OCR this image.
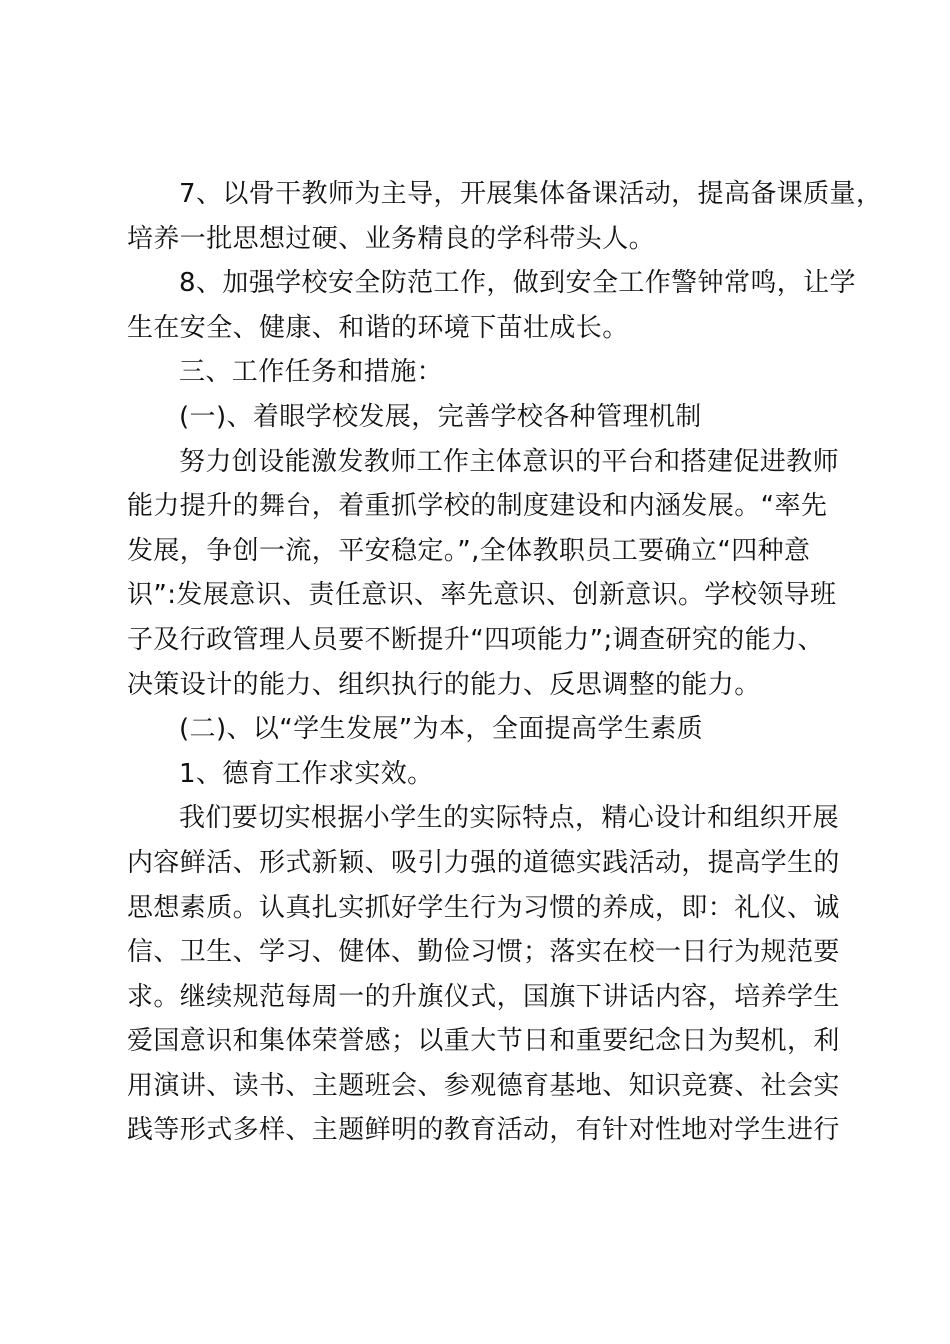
7、以骨干教师为主导，开展集体备课活动，提高备课质量，
培养一批思想过硬、业务精良的学科带头人。
8、加强学校安全防范工作，做到安全工作警钟常鸣，让学
生在安全、健康、和谐的环境下苗壮成长。
三、工作任务和措施：
(一)、着眼学校发展，完善学校各种管理机制
努力创设能激发教师工作主体意识的平台和搭建促进教师
能力提升的舞台，着重抓学校的制度建设和内涵发展。“率先
发展，争创一流，平安稳定。”,全体教职员工要确立“四种意
识”:发展意识、责任意识、率先意识、创新意识。学校领导班
子及行政管理人员要不断提升“四项能力”;调查研究的能力、
决策设计的能力、组织执行的能力、反思调整的能力。
(二)、以“学生发展”为本，全面提高学生素质
1、德育工作求实效。
我们要切实根据小学生的实际特点，精心设计和组织开展
内容鲜活、形式新颖、吸引力强的道德实践活动，提高学生的
思想素质。认真扎实抓好学生行为习惯的养成，即：礼仪、诚
信、卫生、学习、健体、勤俭习惯；落实在校一日行为规范要
求。继续规范每周一的升旗仪式，国旗下讲话内容，培养学生
爱国意识和集体荣誉感；以重大节日和重要纪念日为契机，利
用演讲、读书、主题班会、参观德育基地、知识竞赛、社会实
践等形式多样、主题鲜明的教育活动，有针对性地对学生进行
